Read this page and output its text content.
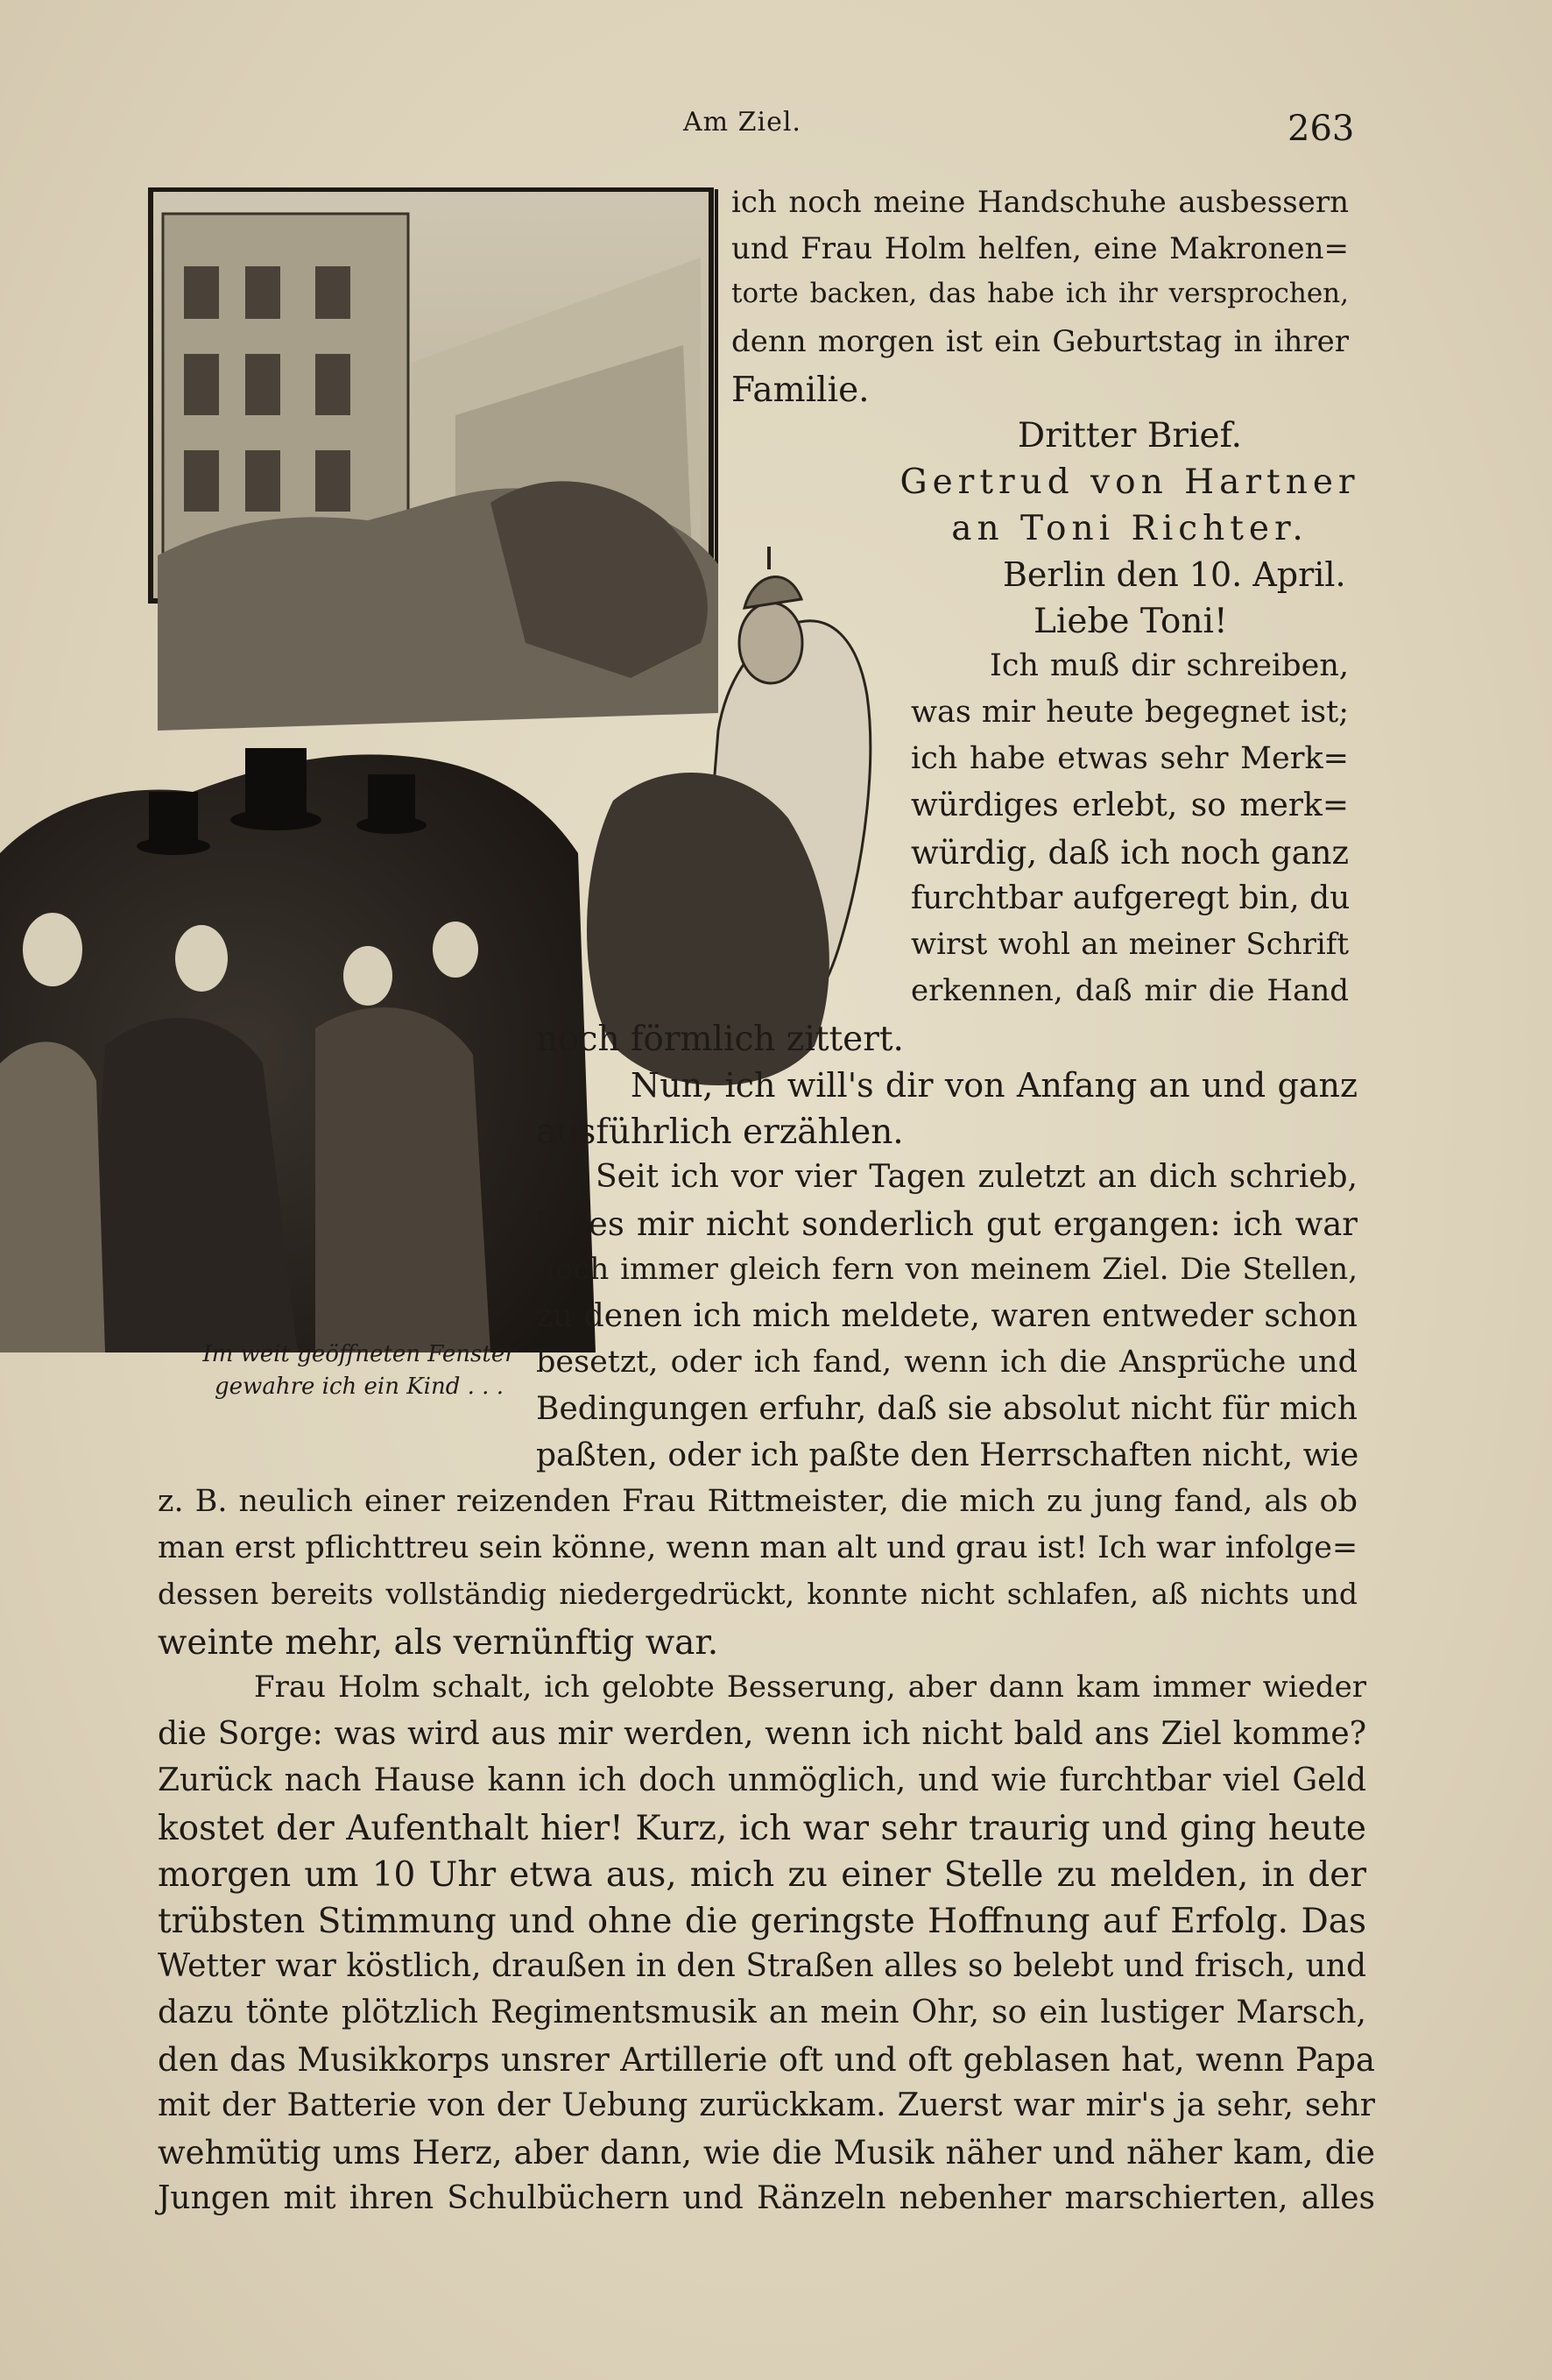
Am Ziel.	263
Im weit geöffneten Fenster
gewahre ich ein Kind . . .
ich noch meine Handschuhe ausbessern
und Frau Holm helfen, eine Makronen=
torte backen, das habe ich ihr versprochen,
denn morgen ist ein Geburtstag in ihrer
Familie.
Dritter Brief.
Gertrud von Hartner
an Toni Richter.
Berlin den 10. April.
Liebe Toni!
Ich muß dir schreiben,
was mir heute begegnet ist;
ich habe etwas sehr Merk=
würdiges erlebt, so merk=
würdig, daß ich noch ganz
furchtbar aufgeregt bin, du
wirst wohl an meiner Schrift
erkennen, daß mir die Hand
noch förmlich zittert.
Nun, ich will's dir von Anfang an und ganz
ausführlich erzählen.
Seit ich vor vier Tagen zuletzt an dich schrieb,
ist es mir nicht sonderlich gut ergangen: ich war
noch immer gleich fern von meinem Ziel. Die Stellen,
zu denen ich mich meldete, waren entweder schon
besetzt, oder ich fand, wenn ich die Ansprüche und
Bedingungen erfuhr, daß sie absolut nicht für mich
paßten, oder ich paßte den Herrschaften nicht, wie
z. B. neulich einer reizenden Frau Rittmeister, die mich zu jung fand, als ob
man erst pflichttreu sein könne, wenn man alt und grau ist! Ich war infolge=
dessen bereits vollständig niedergedrückt, konnte nicht schlafen, aß nichts und
weinte mehr, als vernünftig war.
Frau Holm schalt, ich gelobte Besserung, aber dann kam immer wieder
die Sorge: was wird aus mir werden, wenn ich nicht bald ans Ziel komme?
Zurück nach Hause kann ich doch unmöglich, und wie furchtbar viel Geld
kostet der Aufenthalt hier! Kurz, ich war sehr traurig und ging heute
morgen um 10 Uhr etwa aus, mich zu einer Stelle zu melden, in der
trübsten Stimmung und ohne die geringste Hoffnung auf Erfolg. Das
Wetter war köstlich, draußen in den Straßen alles so belebt und frisch, und
dazu tönte plötzlich Regimentsmusik an mein Ohr, so ein lustiger Marsch,
den das Musikkorps unsrer Artillerie oft und oft geblasen hat, wenn Papa
mit der Batterie von der Uebung zurückkam. Zuerst war mir's ja sehr, sehr
wehmütig ums Herz, aber dann, wie die Musik näher und näher kam, die
Jungen mit ihren Schulbüchern und Ränzeln nebenher marschierten, alles
